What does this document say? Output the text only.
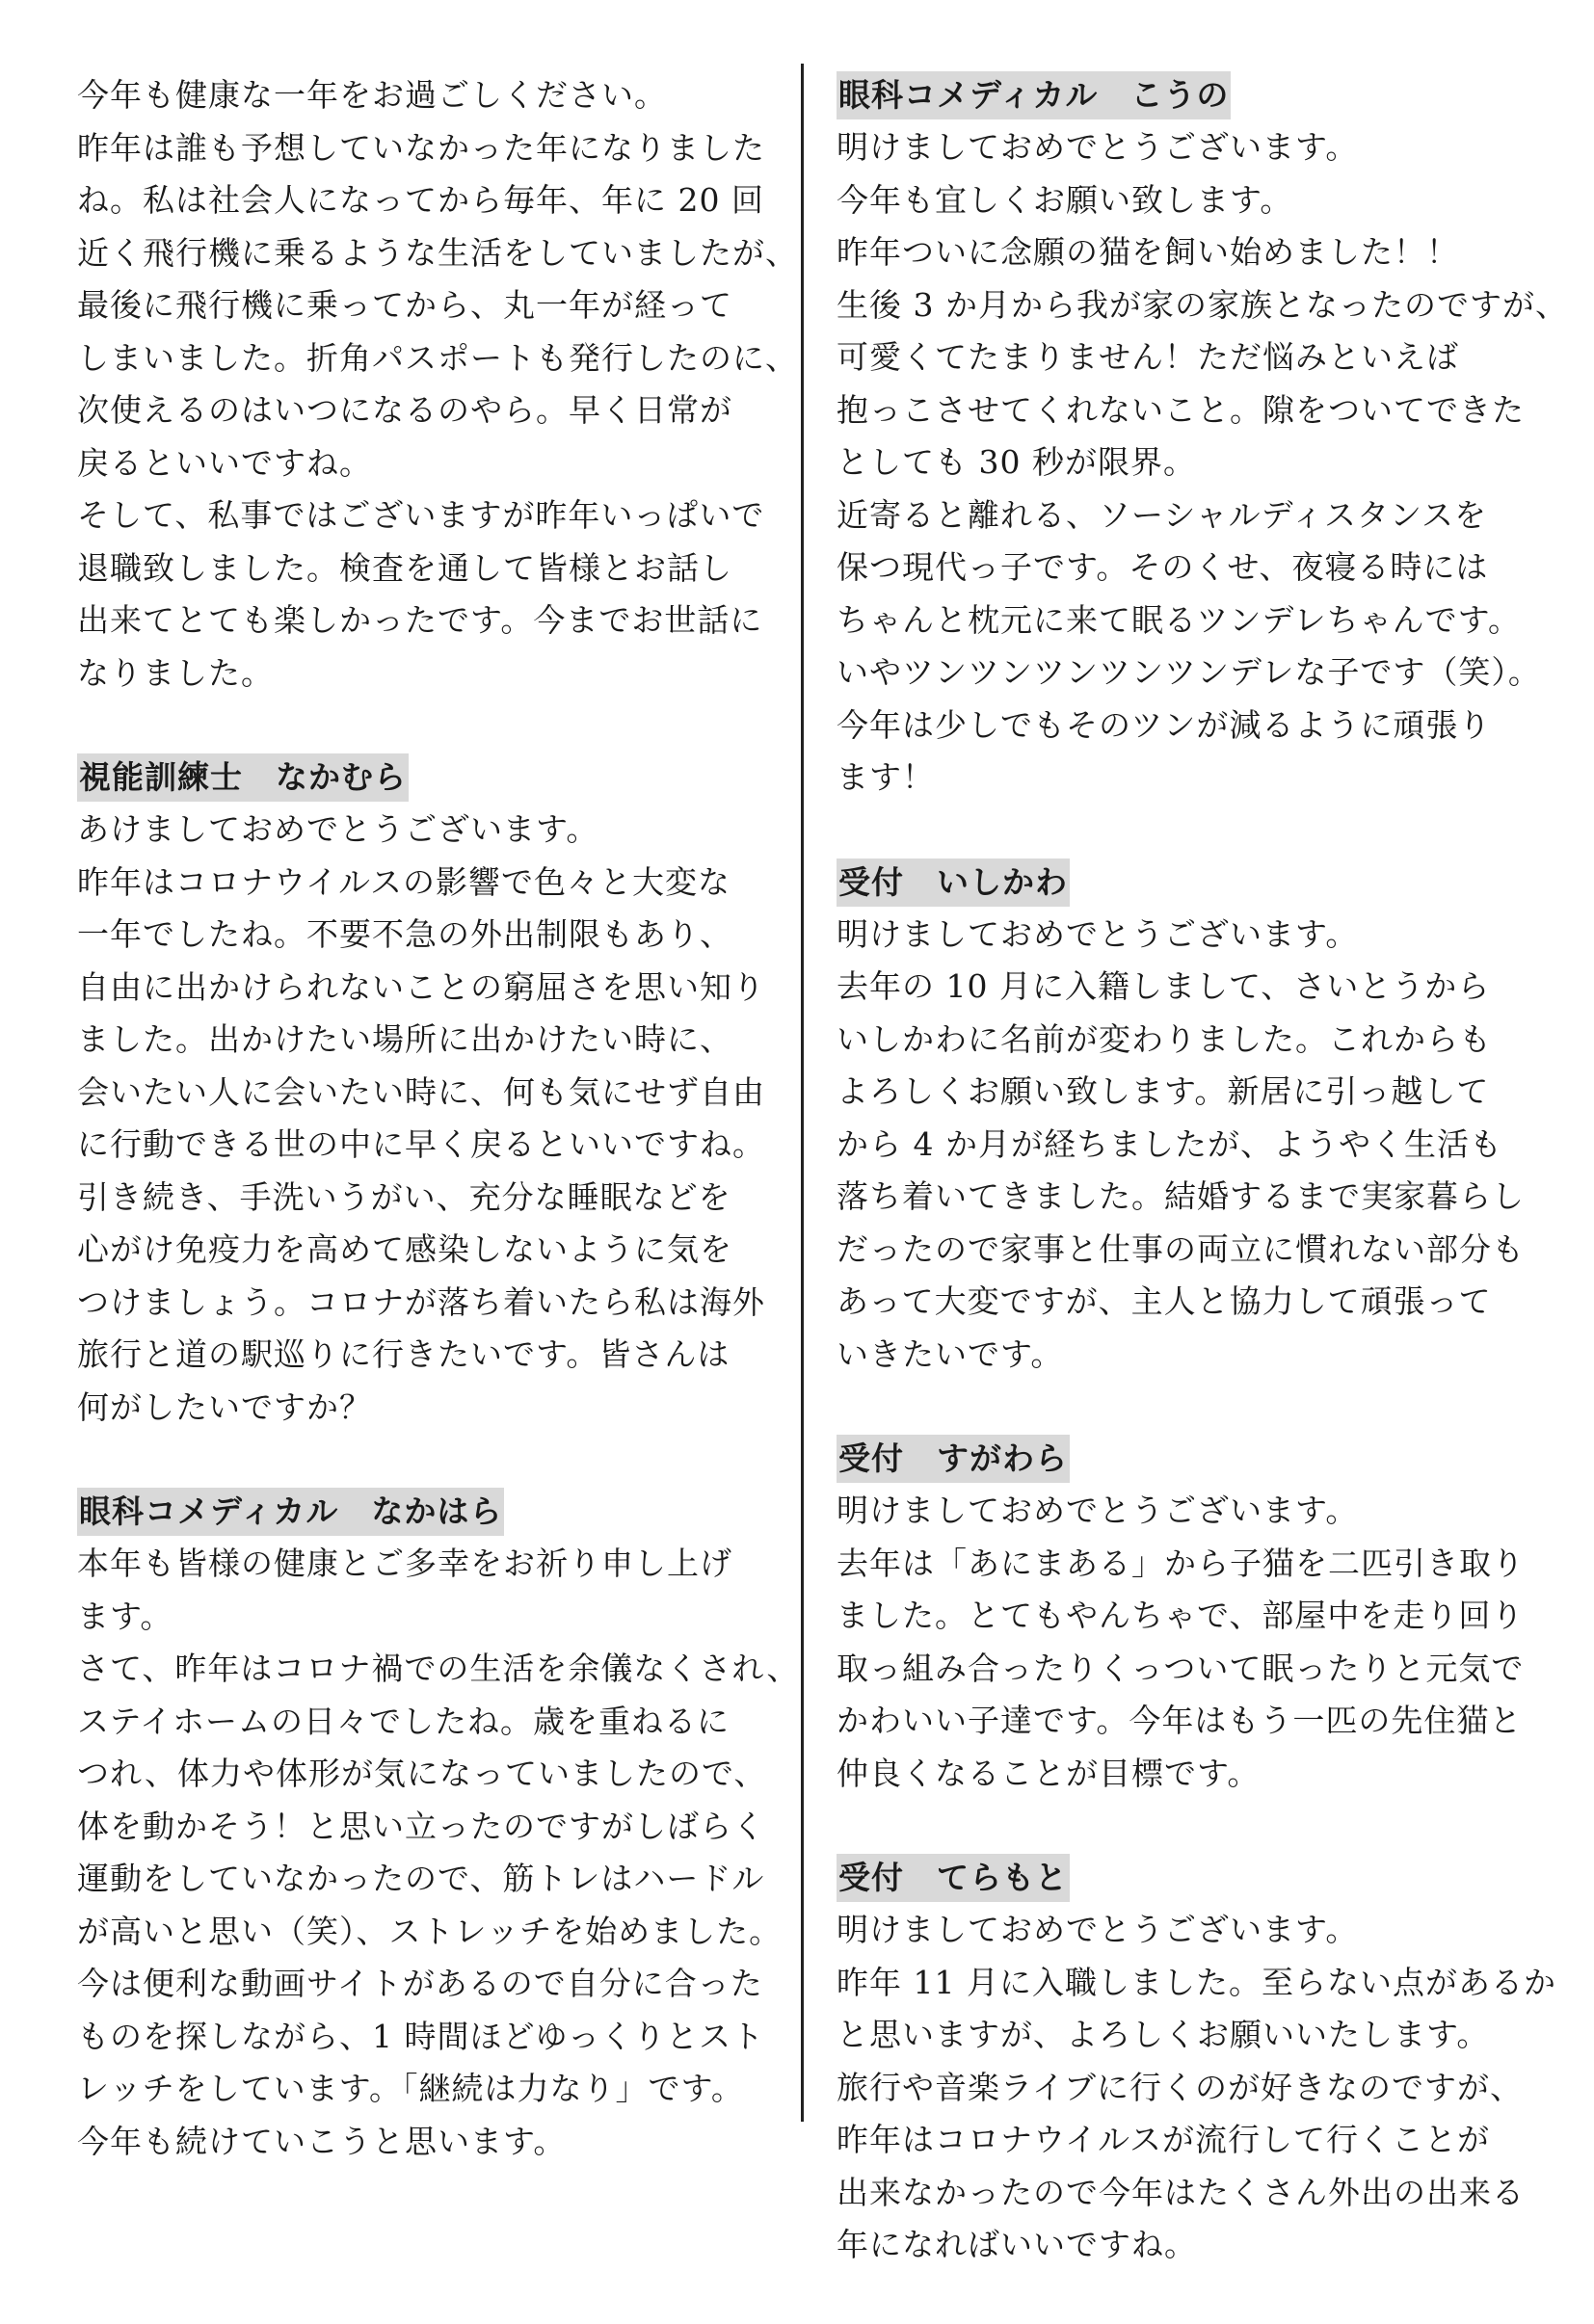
今年も健康な一年をお過ごしください。
昨年は誰も予想していなかった年になりました
ね。私は社会人になってから毎年、年に 20 回
近く飛行機に乗るような生活をしていましたが、
最後に飛行機に乗ってから、丸一年が経って
しまいました。折角パスポートも発行したのに、
次使えるのはいつになるのやら。早く日常が
戻るといいですね。
そして、私事ではございますが昨年いっぱいで
退職致しました。検査を通して皆様とお話し
出来てとても楽しかったです。今までお世話に
なりました。
視能訓練士　なかむら
あけましておめでとうございます。
昨年はコロナウイルスの影響で色々と大変な
一年でしたね。不要不急の外出制限もあり、
自由に出かけられないことの窮屈さを思い知り
ました。出かけたい場所に出かけたい時に、
会いたい人に会いたい時に、何も気にせず自由
に行動できる世の中に早く戻るといいですね。
引き続き、手洗いうがい、充分な睡眠などを
心がけ免疫力を高めて感染しないように気を
つけましょう。コロナが落ち着いたら私は海外
旅行と道の駅巡りに行きたいです。皆さんは
何がしたいですか？
眼科コメディカル　なかはら
本年も皆様の健康とご多幸をお祈り申し上げ
ます。
さて、昨年はコロナ禍での生活を余儀なくされ、
ステイホームの日々でしたね。歳を重ねるに
つれ、体力や体形が気になっていましたので、
体を動かそう！と思い立ったのですがしばらく
運動をしていなかったので、筋トレはハードル
が高いと思い（笑）、ストレッチを始めました。
今は便利な動画サイトがあるので自分に合った
ものを探しながら、1 時間ほどゆっくりとスト
レッチをしています。「継続は力なり」です。
今年も続けていこうと思います。
眼科コメディカル　こうの
明けましておめでとうございます。
今年も宜しくお願い致します。
昨年ついに念願の猫を飼い始めました！！
生後 3 か月から我が家の家族となったのですが、
可愛くてたまりません！ただ悩みといえば
抱っこさせてくれないこと。隙をついてできた
としても 30 秒が限界。
近寄ると離れる、ソーシャルディスタンスを
保つ現代っ子です。そのくせ、夜寝る時には
ちゃんと枕元に来て眠るツンデレちゃんです。
いやツンツンツンツンツンデレな子です（笑）。
今年は少しでもそのツンが減るように頑張り
ます！
受付　いしかわ
明けましておめでとうございます。
去年の 10 月に入籍しまして、さいとうから
いしかわに名前が変わりました。これからも
よろしくお願い致します。新居に引っ越して
から 4 か月が経ちましたが、ようやく生活も
落ち着いてきました。結婚するまで実家暮らし
だったので家事と仕事の両立に慣れない部分も
あって大変ですが、主人と協力して頑張って
いきたいです。
受付　すがわら
明けましておめでとうございます。
去年は「あにまある」から子猫を二匹引き取り
ました。とてもやんちゃで、部屋中を走り回り
取っ組み合ったりくっついて眠ったりと元気で
かわいい子達です。今年はもう一匹の先住猫と
仲良くなることが目標です。
受付　てらもと
明けましておめでとうございます。
昨年 11 月に入職しました。至らない点があるか
と思いますが、よろしくお願いいたします。
旅行や音楽ライブに行くのが好きなのですが、
昨年はコロナウイルスが流行して行くことが
出来なかったので今年はたくさん外出の出来る
年になればいいですね。
